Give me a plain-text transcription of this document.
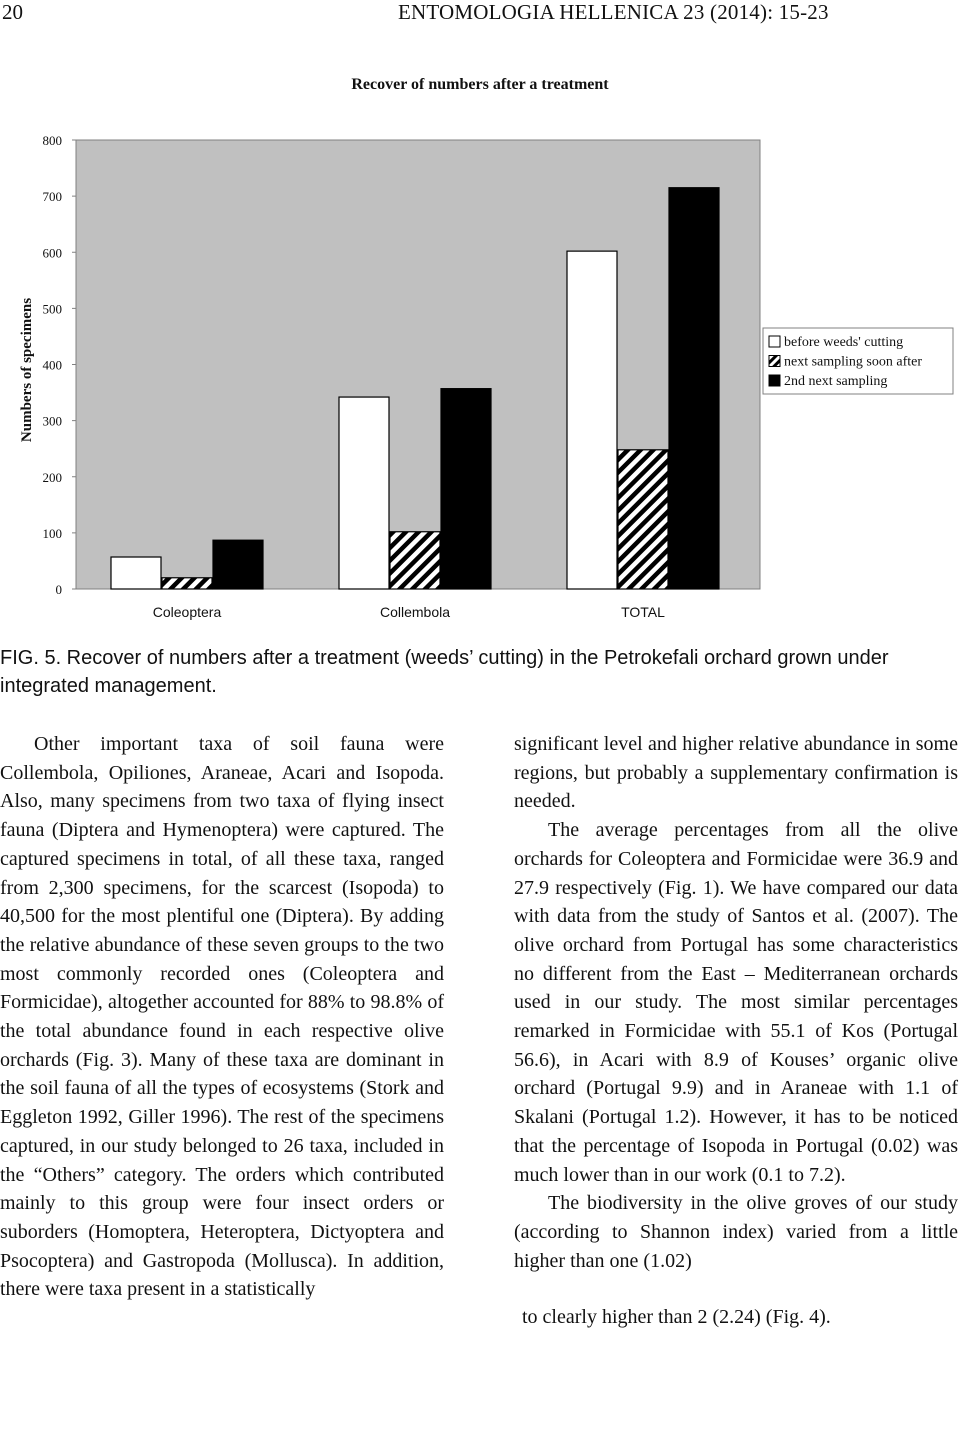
20	ENTOMOLOGIA HELLENICA 23 (2014): 15-23
Recover of numbers after a treatment
0
100
200
300
400
500
600
700
800
Coleoptera	Collembola	TOTAL
Numbers of specimens	before weeds' cutting
next sampling soon after
2nd next sampling
FIG. 5. Recover of numbers after a treatment (weeds’ cutting) in the Petrokefali orchard grown under integrated management.

Other important taxa of soil fauna were Collembola, Opiliones, Araneae, Acari and Isopoda. Also, many specimens from two taxa of flying insect fauna (Diptera and Hymenoptera) were captured. The captured specimens in total, of all these taxa, ranged from 2,300 specimens, for the scarcest (Isopoda) to 40,500 for the most plentiful one (Diptera). By adding the relative abundance of these seven groups to the two most commonly recorded ones (Coleoptera and Formicidae), altogether accounted for 88% to 98.8% of the total abundance found in each respective olive orchards (Fig. 3). Many of these taxa are dominant in the soil fauna of all the types of ecosystems (Stork and Eggleton 1992, Giller 1996). The rest of the specimens captured, in our study belonged to 26 taxa, included in the “Others” category. The orders which contributed mainly to this group were four insect orders or suborders (Homoptera, Heteroptera, Dictyoptera and Psocoptera) and Gastropoda (Mollusca). In addition, there were taxa present in a statistically

significant level and higher relative abundance in some regions, but probably a supplementary confirmation is needed.

The average percentages from all the olive orchards for Coleoptera and Formicidae were 36.9 and 27.9 respectively (Fig. 1). We have compared our data with data from the study of Santos et al. (2007). The olive orchard from Portugal has some characteristics no different from the East – Mediterranean orchards used in our study. The most similar percentages remarked in Formicidae with 55.1 of Kos (Portugal 56.6), in Acari with 8.9 of Kouses’ organic olive orchard (Portugal 9.9) and in Araneae with 1.1 of Skalani (Portugal 1.2). However, it has to be noticed that the percentage of Isopoda in Portugal (0.02) was much lower than in our work (0.1 to 7.2).

The biodiversity in the olive groves of our study (according to Shannon index) varied from a little higher than one (1.02)

to clearly higher than 2 (2.24) (Fig. 4).
